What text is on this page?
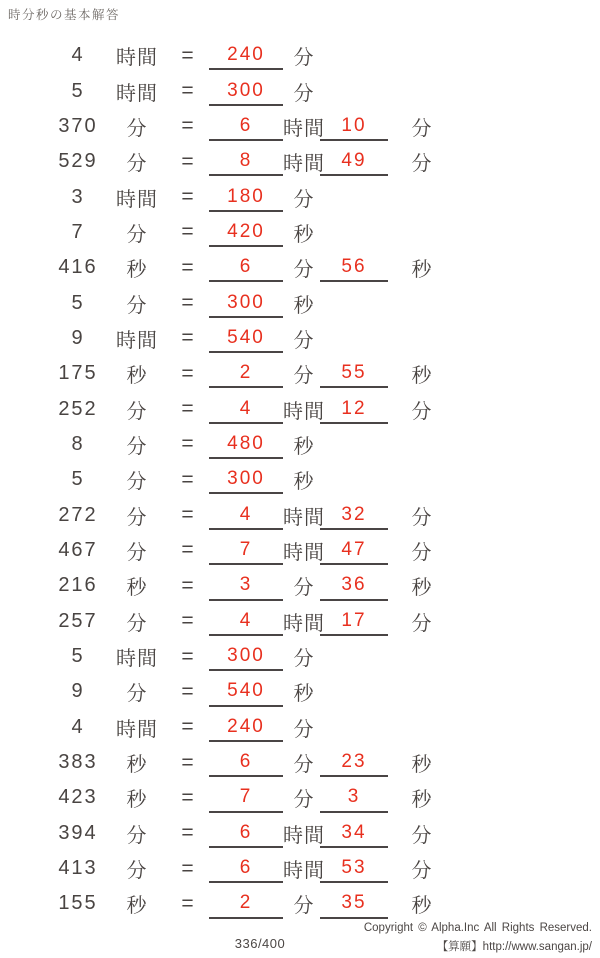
時分秒の基本解答
4	時間	=	240	分
5	時間	=	300	分
370	分	=	6	時間 10	分
529	分	=	8	時間 49	分
3	時間	=	180	分
7	分	=	420	秒
416	秒	=	6	分	56	秒
5	分	=	300	秒
9	時間	=	540	分
175	秒	=	2	分	55	秒
252	分	=	4	時間 12	分
8	分	=	480	秒
5	分	=	300	秒
272	分	=	4	時間 32	分
467	分	=	7	時間 47	分
216	秒	=	3	分	36	秒
257	分	=	4	時間 17	分
5	時間	=	300	分
9	分	=	540	秒
4	時間	=	240	分
383	秒	=	6	分	23	秒
423	秒	=	7	分	3	秒
394	分	=	6	時間 34	分
413	分	=	6	時間 53	分
155	秒	=	2	分	35	秒
336/400
Copyright © Alpha.Inc All Rights Reserved.
【算願】http://www.sangan.jp/
